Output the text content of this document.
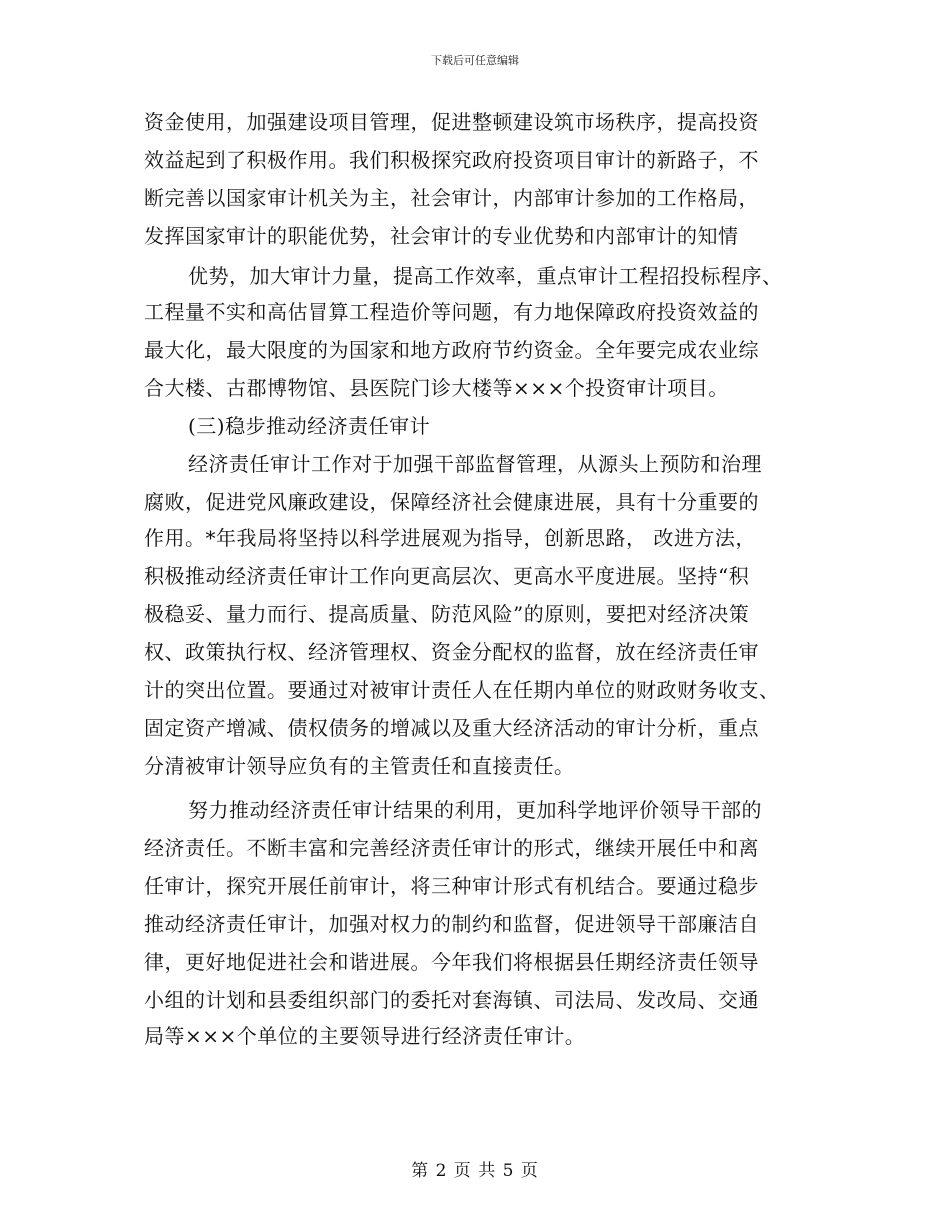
下载后可任意编辑
资金使用，加强建设项目管理，促进整顿建设筑市场秩序，提高投资
效益起到了积极作用。我们积极探究政府投资项目审计的新路子，不
断完善以国家审计机关为主，社会审计，内部审计参加的工作格局，
发挥国家审计的职能优势，社会审计的专业优势和内部审计的知情
优势，加大审计力量，提高工作效率，重点审计工程招投标程序、
工程量不实和高估冒算工程造价等问题，有力地保障政府投资效益的
最大化，最大限度的为国家和地方政府节约资金。全年要完成农业综
合大楼、古郡博物馆、县医院门诊大楼等×××个投资审计项目。
(三)稳步推动经济责任审计
经济责任审计工作对于加强干部监督管理，从源头上预防和治理
腐败，促进党风廉政建设，保障经济社会健康进展，具有十分重要的
作用。*年我局将坚持以科学进展观为指导，创新思路， 改进方法，
积极推动经济责任审计工作向更高层次、更高水平度进展。坚持“积
极稳妥、量力而行、提高质量、防范风险”的原则，要把对经济决策
权、政策执行权、经济管理权、资金分配权的监督，放在经济责任审
计的突出位置。要通过对被审计责任人在任期内单位的财政财务收支、
固定资产增减、债权债务的增减以及重大经济活动的审计分析，重点
分清被审计领导应负有的主管责任和直接责任。
努力推动经济责任审计结果的利用，更加科学地评价领导干部的
经济责任。不断丰富和完善经济责任审计的形式，继续开展任中和离
任审计，探究开展任前审计，将三种审计形式有机结合。要通过稳步
推动经济责任审计，加强对权力的制约和监督，促进领导干部廉洁自
律，更好地促进社会和谐进展。今年我们将根据县任期经济责任领导
小组的计划和县委组织部门的委托对套海镇、司法局、发改局、交通
局等×××个单位的主要领导进行经济责任审计。
第 2 页 共 5 页
